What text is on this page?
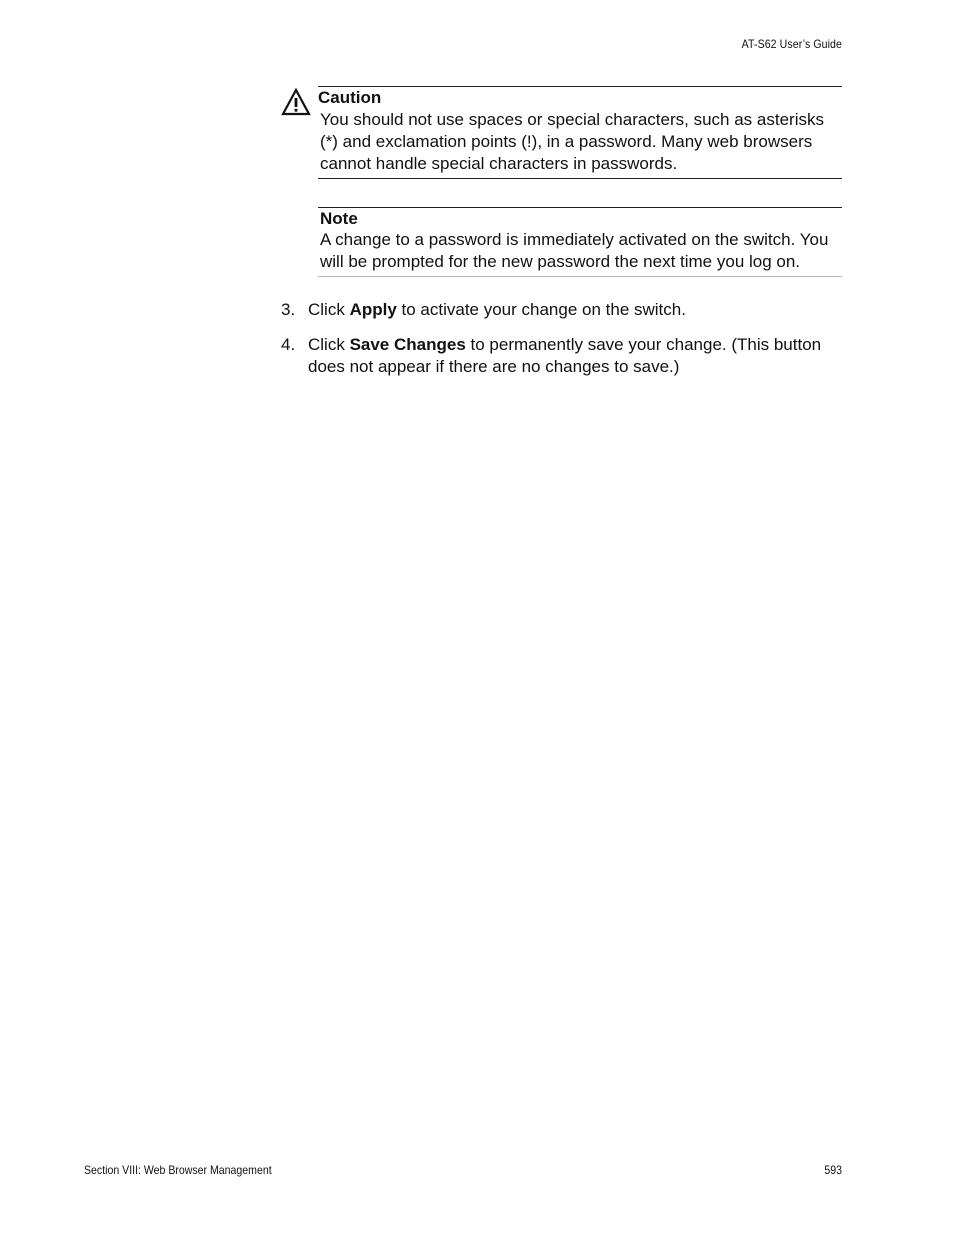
AT-S62 User’s Guide
Caution
You should not use spaces or special characters, such as asterisks (*) and exclamation points (!), in a password. Many web browsers cannot handle special characters in passwords.
Note
A change to a password is immediately activated on the switch. You will be prompted for the new password the next time you log on.
3. Click Apply to activate your change on the switch.
4. Click Save Changes to permanently save your change. (This button does not appear if there are no changes to save.)
Section VIII: Web Browser Management	593
